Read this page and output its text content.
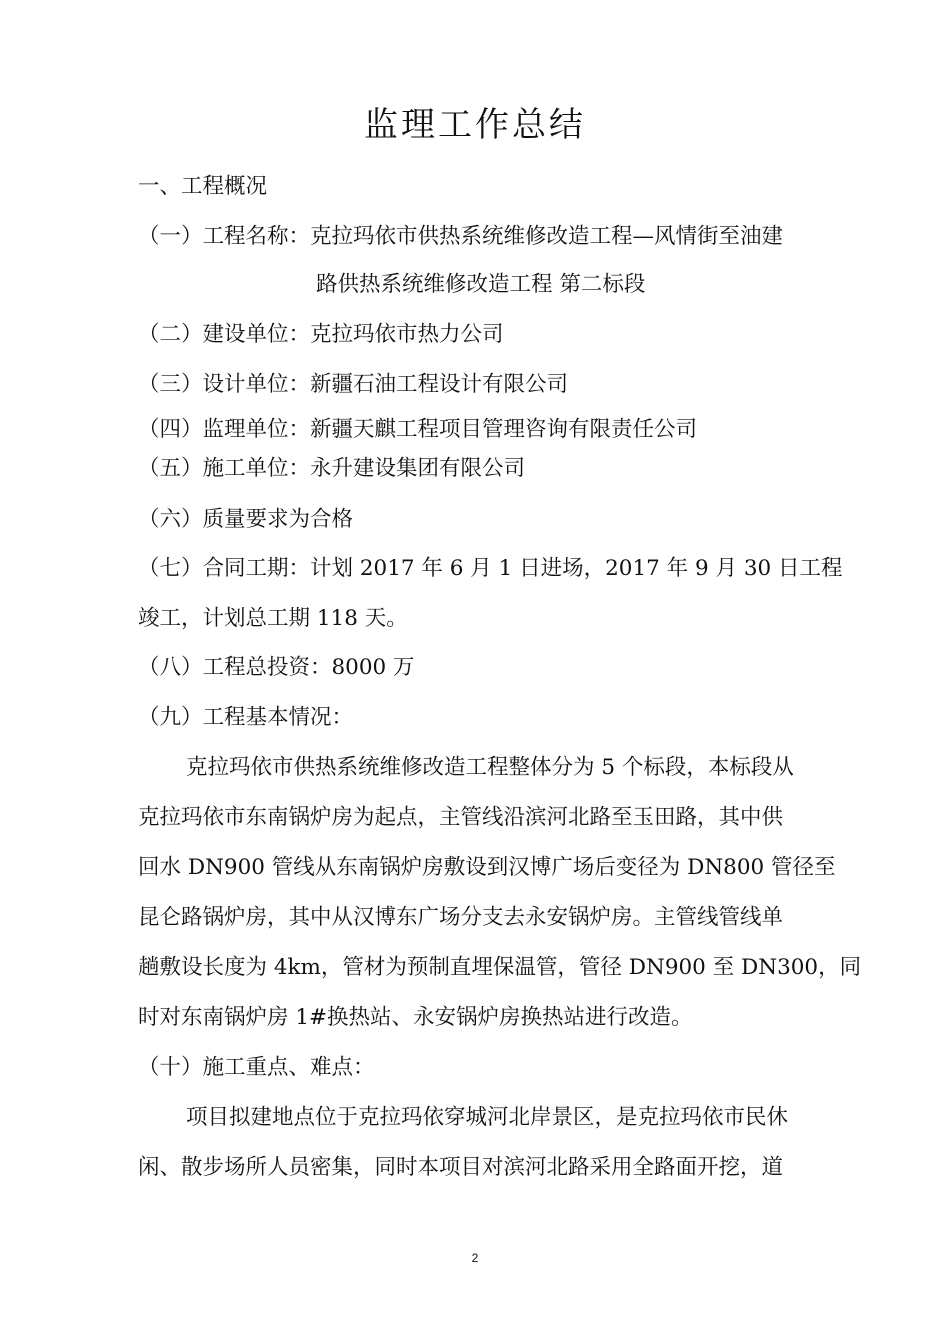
监理工作总结
一、工程概况
（一）工程名称：克拉玛依市供热系统维修改造工程—风情街至油建
路供热系统维修改造工程 第二标段
（二）建设单位：克拉玛依市热力公司
（三）设计单位：新疆石油工程设计有限公司
（四）监理单位：新疆天麒工程项目管理咨询有限责任公司
（五）施工单位：永升建设集团有限公司
（六）质量要求为合格
（七）合同工期：计划 2017 年 6 月 1 日进场，2017 年 9 月 30 日工程
竣工，计划总工期 118 天。
（八）工程总投资：8000 万
（九）工程基本情况：
克拉玛依市供热系统维修改造工程整体分为 5 个标段，本标段从
克拉玛依市东南锅炉房为起点，主管线沿滨河北路至玉田路，其中供
回水 DN900 管线从东南锅炉房敷设到汉博广场后变径为 DN800 管径至
昆仑路锅炉房，其中从汉博东广场分支去永安锅炉房。主管线管线单
趟敷设长度为 4km，管材为预制直埋保温管，管径 DN900 至 DN300，同
时对东南锅炉房 1#换热站、永安锅炉房换热站进行改造。
（十）施工重点、难点：
项目拟建地点位于克拉玛依穿城河北岸景区，是克拉玛依市民休
闲、散步场所人员密集，同时本项目对滨河北路采用全路面开挖，道
2
